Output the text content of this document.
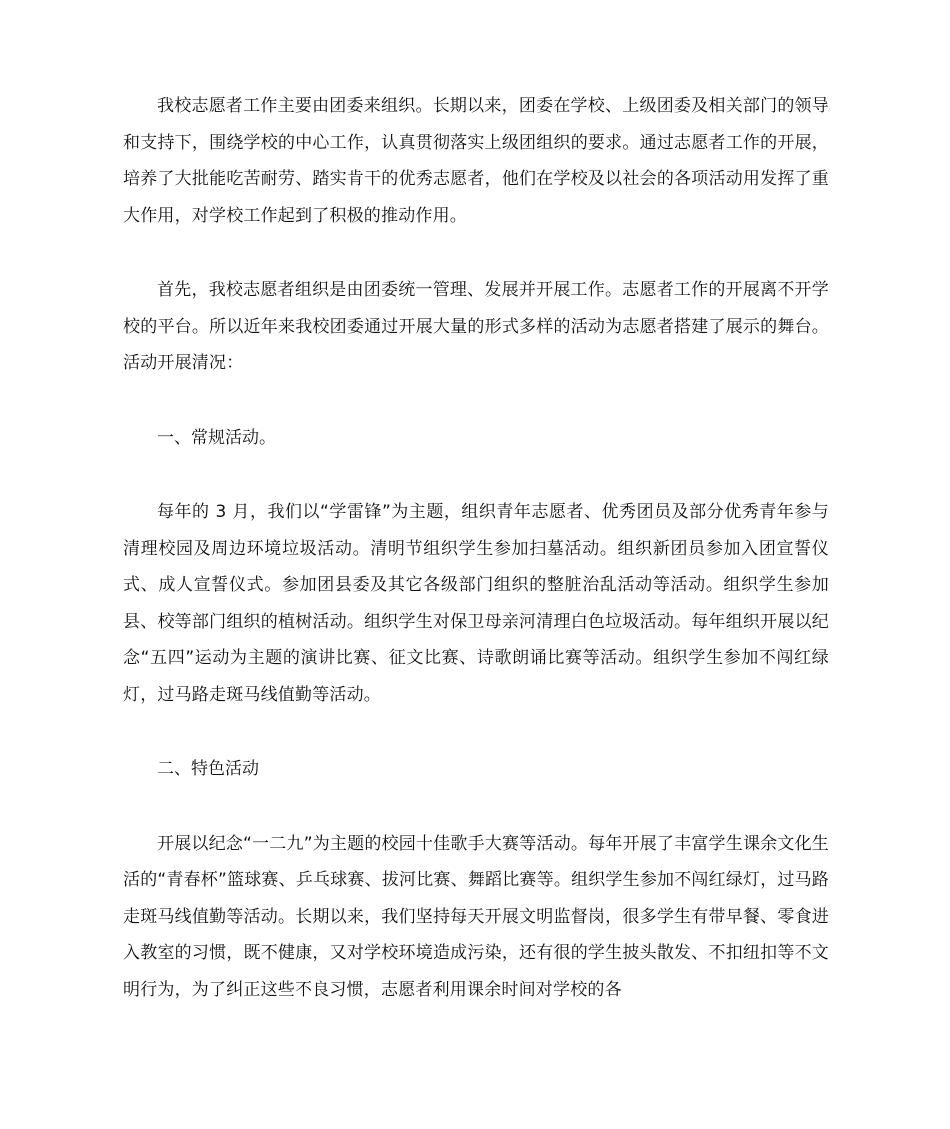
我校志愿者工作主要由团委来组织。长期以来，团委在学校、上级团委及相关部门的领导和支持下，围绕学校的中心工作，认真贯彻落实上级团组织的要求。通过志愿者工作的开展，培养了大批能吃苦耐劳、踏实肯干的优秀志愿者，他们在学校及以社会的各项活动用发挥了重大作用，对学校工作起到了积极的推动作用。

首先，我校志愿者组织是由团委统一管理、发展并开展工作。志愿者工作的开展离不开学校的平台。所以近年来我校团委通过开展大量的形式多样的活动为志愿者搭建了展示的舞台。活动开展清况：

一、常规活动。

每年的 3 月，我们以“学雷锋”为主题，组织青年志愿者、优秀团员及部分优秀青年参与清理校园及周边环境垃圾活动。清明节组织学生参加扫墓活动。组织新团员参加入团宣誓仪式、成人宣誓仪式。参加团县委及其它各级部门组织的整脏治乱活动等活动。组织学生参加县、校等部门组织的植树活动。组织学生对保卫母亲河清理白色垃圾活动。每年组织开展以纪念“五四”运动为主题的演讲比赛、征文比赛、诗歌朗诵比赛等活动。组织学生参加不闯红绿灯，过马路走斑马线值勤等活动。

二、特色活动

开展以纪念“一二九”为主题的校园十佳歌手大赛等活动。每年开展了丰富学生课余文化生活的“青春杯”篮球赛、乒乓球赛、拔河比赛、舞蹈比赛等。组织学生参加不闯红绿灯，过马路走斑马线值勤等活动。长期以来，我们坚持每天开展文明监督岗，很多学生有带早餐、零食进入教室的习惯，既不健康，又对学校环境造成污染，还有很的学生披头散发、不扣纽扣等不文明行为，为了纠正这些不良习惯，志愿者利用课余时间对学校的各
